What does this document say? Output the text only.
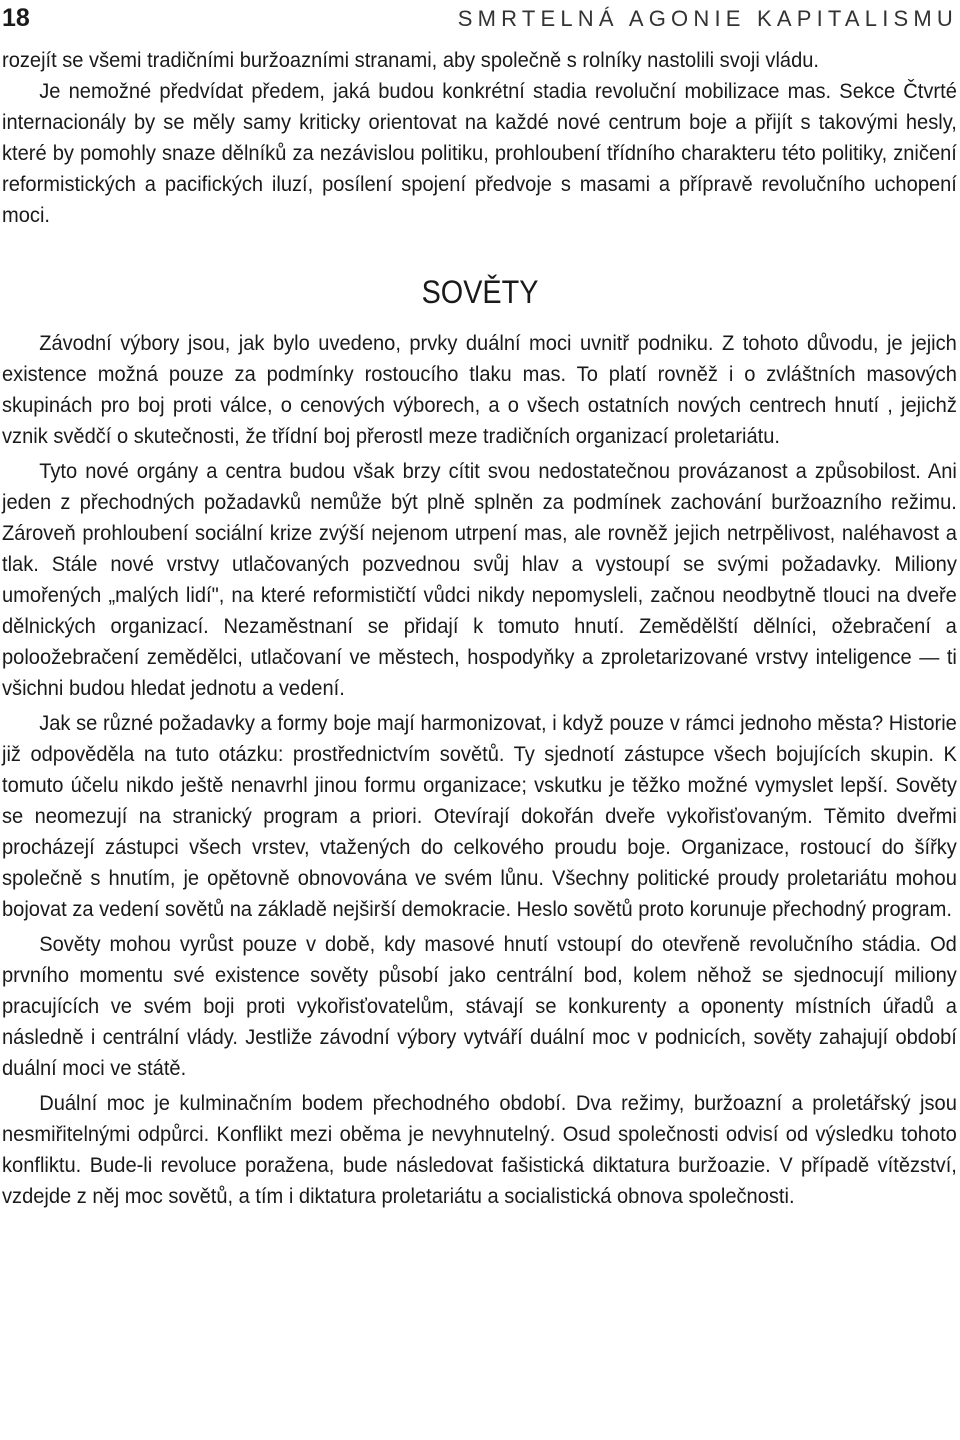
18	SMRTELNÁ AGONIE KAPITALISMU

rozejít se všemi tradičními buržoazními stranami, aby společně s rolníky nastolili svoji vládu.

Je nemožné předvídat předem, jaká budou konkrétní stadia revoluční mobilizace mas. Sekce Čtvrté internacionály by se měly samy kriticky orientovat na každé nové centrum boje a přijít s takovými hesly, které by pomohly snaze dělníků za nezávislou politiku, prohloubení třídního charakteru této politiky, zničení reformistických a pacifických iluzí, posílení spojení předvoje s masami a přípravě revolučního uchopení moci.

SOVĚTY

Závodní výbory jsou, jak bylo uvedeno, prvky duální moci uvnitř podniku. Z tohoto důvodu, je jejich existence možná pouze za podmínky rostoucího tlaku mas. To platí rovněž i o zvláštních masových skupinách pro boj proti válce, o cenových výborech, a o všech ostatních nových centrech hnutí , jejichž vznik svědčí o skutečnosti, že třídní boj přerostl meze tradičních organizací proletariátu.

Tyto nové orgány a centra budou však brzy cítit svou nedostatečnou provázanost a způsobilost. Ani jeden z přechodných požadavků nemůže být plně splněn za podmínek zachování buržoazního režimu. Zároveň prohloubení sociální krize zvýší nejenom utrpení mas, ale rovněž jejich netrpělivost, naléhavost a tlak. Stále nové vrstvy utlačovaných pozvednou svůj hlav a vystoupí se svými požadavky. Miliony umořených „malých lidí", na které reformističtí vůdci nikdy nepomysleli, začnou neodbytně tlouci na dveře dělnických organizací. Nezaměstnaní se přidají k tomuto hnutí. Zemědělští dělníci, ožebračení a poloožebračení zemědělci, utlačovaní ve městech, hospodyňky a zproletarizované vrstvy inteligence — ti všichni budou hledat jednotu a vedení.

Jak se různé požadavky a formy boje mají harmonizovat, i když pouze v rámci jednoho města? Historie již odpověděla na tuto otázku: prostřednictvím sovětů. Ty sjednotí zástupce všech bojujících skupin. K tomuto účelu nikdo ještě nenavrhl jinou formu organizace; vskutku je těžko možné vymyslet lepší. Sověty se neomezují na stranický program a priori. Otevírají dokořán dveře vykořisťovaným. Těmito dveřmi procházejí zástupci všech vrstev, vtažených do celkového proudu boje. Organizace, rostoucí do šířky společně s hnutím, je opětovně obnovována ve svém lůnu. Všechny politické proudy proletariátu mohou bojovat za vedení sovětů na základě nejširší demokracie. Heslo sovětů proto korunuje přechodný program.

Sověty mohou vyrůst pouze v době, kdy masové hnutí vstoupí do otevřeně revolučního stádia. Od prvního momentu své existence sověty působí jako centrální bod, kolem něhož se sjednocují miliony pracujících ve svém boji proti vykořisťovatelům, stávají se konkurenty a oponenty místních úřadů a následně i centrální vlády. Jestliže závodní výbory vytváří duální moc v podnicích, sověty zahajují období duální moci ve státě.

Duální moc je kulminačním bodem přechodného období. Dva režimy, buržoazní a proletářský jsou nesmiřitelnými odpůrci. Konflikt mezi oběma je nevyhnutelný. Osud společnosti odvisí od výsledku tohoto konfliktu. Bude-li revoluce poražena, bude následovat fašistická diktatura buržoazie. V případě vítězství, vzdejde z něj moc sovětů, a tím i diktatura proletariátu a socialistická obnova společnosti.
